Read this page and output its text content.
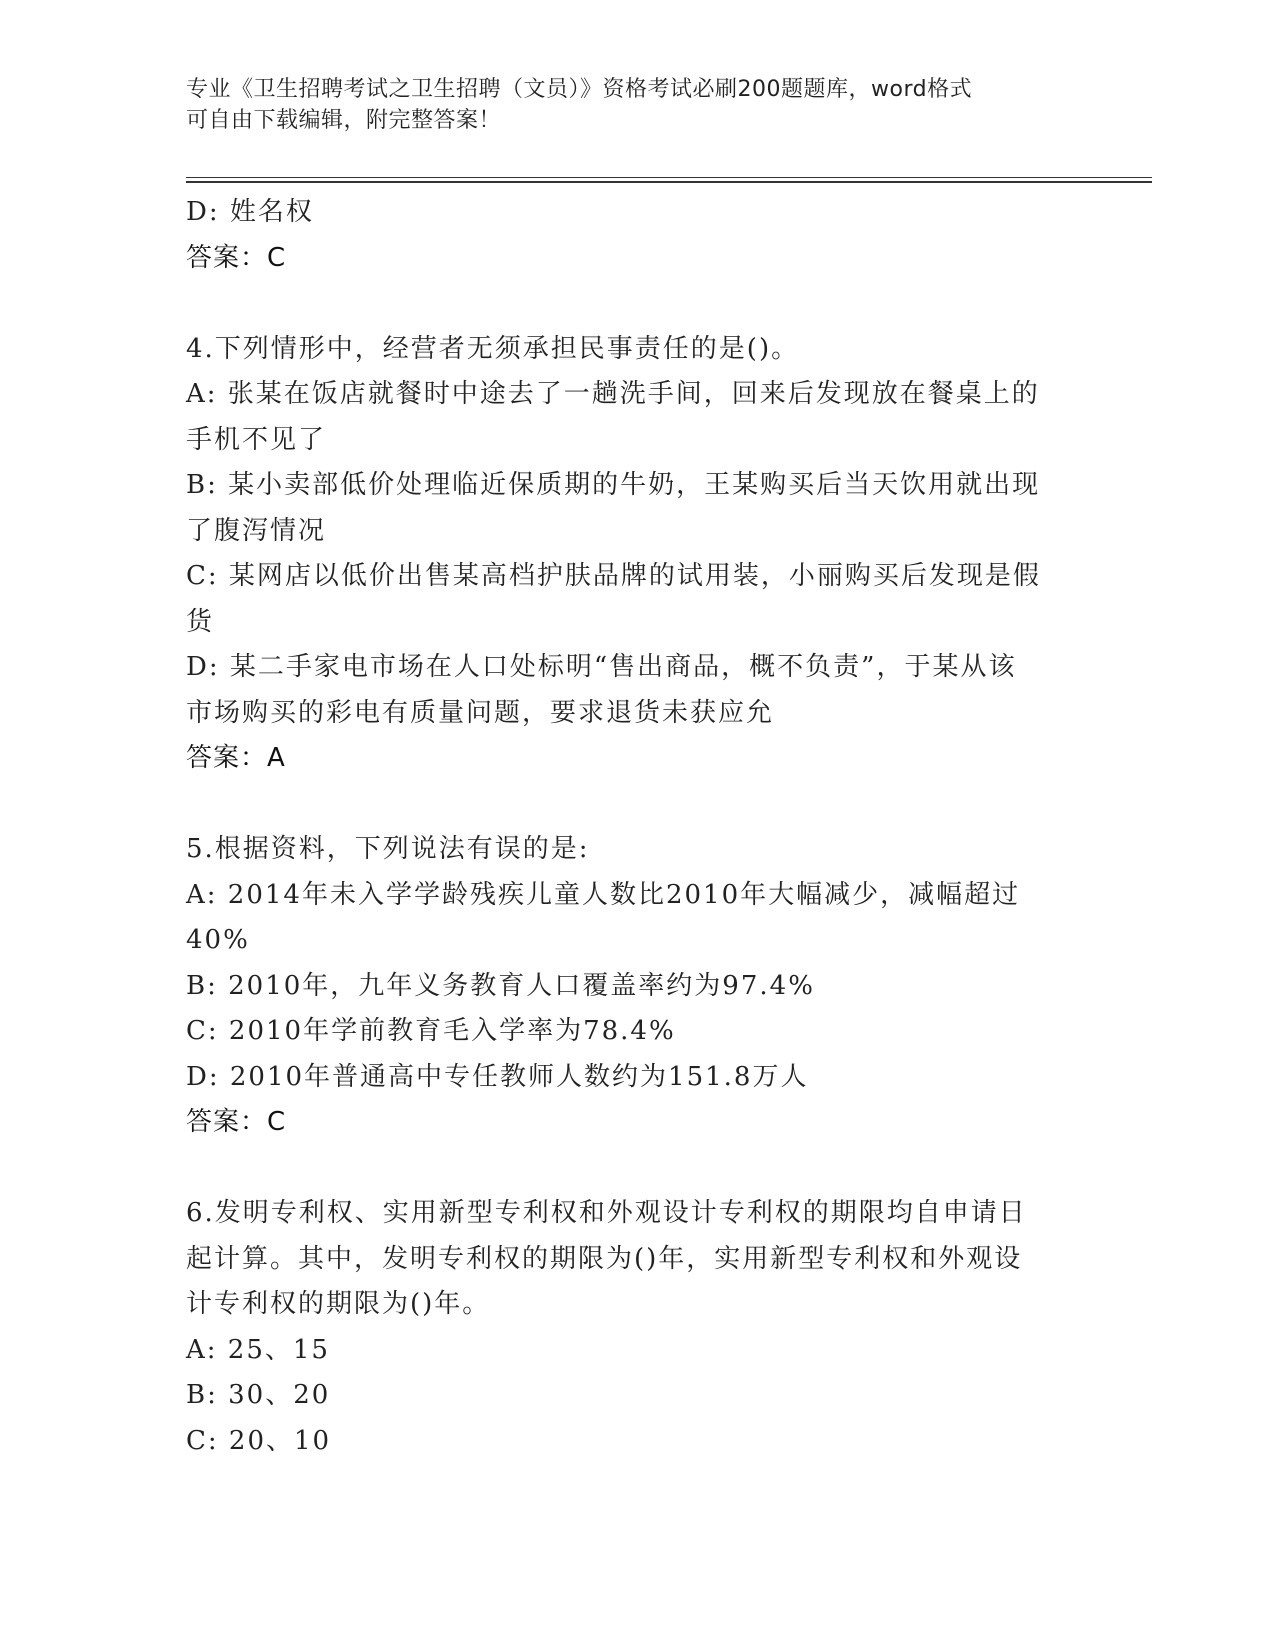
专业《卫生招聘考试之卫生招聘（文员）》资格考试必刷200题题库，word格式
可自由下载编辑，附完整答案！
D: 姓名权
答案：C
4.下列情形中，经营者无须承担民事责任的是()。
A: 张某在饭店就餐时中途去了一趟洗手间，回来后发现放在餐桌上的
手机不见了
B: 某小卖部低价处理临近保质期的牛奶，王某购买后当天饮用就出现
了腹泻情况
C: 某网店以低价出售某高档护肤品牌的试用装，小丽购买后发现是假
货
D: 某二手家电市场在人口处标明“售出商品，概不负责”，于某从该
市场购买的彩电有质量问题，要求退货未获应允
答案：A
5.根据资料，下列说法有误的是:
A: 2014年未入学学龄残疾儿童人数比2010年大幅减少，减幅超过
40%
B: 2010年，九年义务教育人口覆盖率约为97.4%
C: 2010年学前教育毛入学率为78.4%
D: 2010年普通高中专任教师人数约为151.8万人
答案：C
6.发明专利权、实用新型专利权和外观设计专利权的期限均自申请日
起计算。其中，发明专利权的期限为()年，实用新型专利权和外观设
计专利权的期限为()年。
A: 25、15
B: 30、20
C: 20、10
